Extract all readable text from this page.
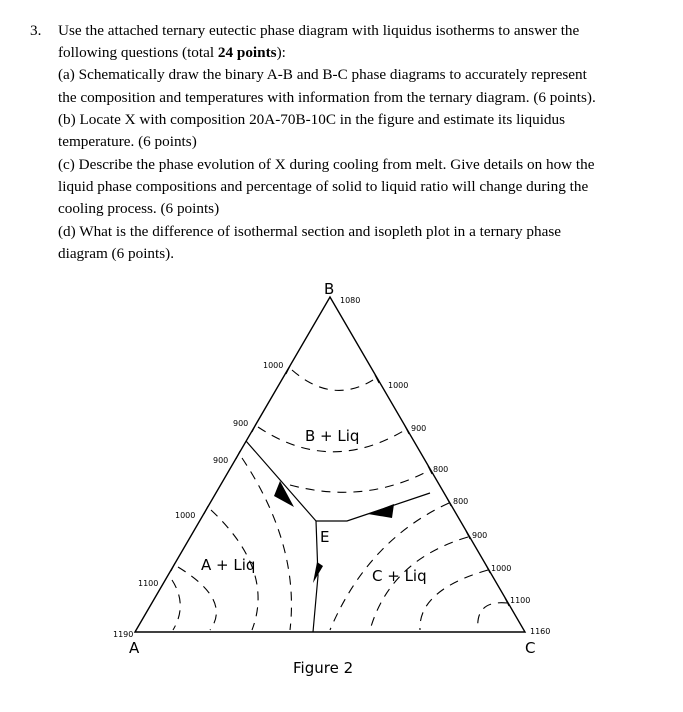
3. Use the attached ternary eutectic phase diagram with liquidus isotherms to answer the
following questions (total 24 points):
(a) Schematically draw the binary A-B and B-C phase diagrams to accurately represent
the composition and temperatures with information from the ternary diagram. (6 points).
(b) Locate X with composition 20A-70B-10C in the figure and estimate its liquidus
temperature. (6 points)
(c) Describe the phase evolution of X during cooling from melt. Give details on how the
liquid phase compositions and percentage of solid to liquid ratio will change during the
cooling process. (6 points)
(d) What is the difference of isothermal section and isopleth plot in a ternary phase
diagram (6 points).
B
A	C
1080
1190	1160
1100
1000
900
900
1000
1000
900
800
800
900
1000
1100
B + Liq
A + Liq
C + Liq
E
Figure 2
